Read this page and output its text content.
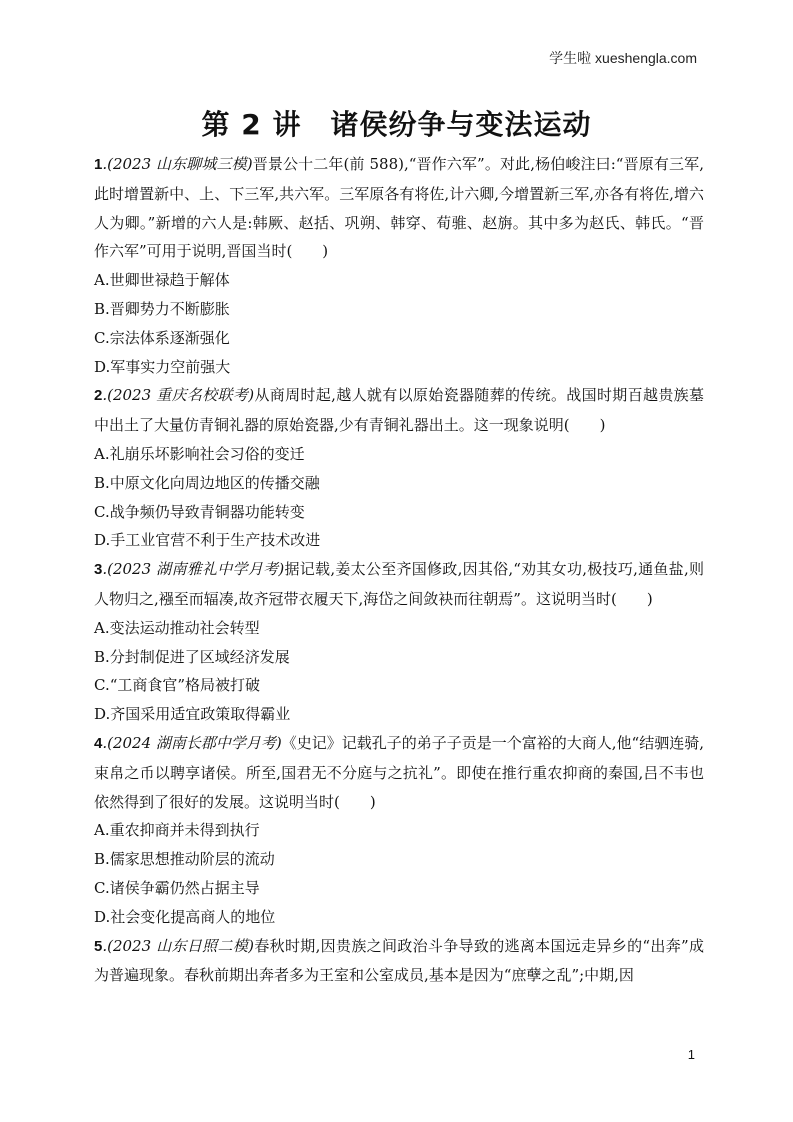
学生啦 xueshengla.com
第 2 讲　诸侯纷争与变法运动
1.(2023 山东聊城三模)晋景公十二年(前 588),“晋作六军”。对此,杨伯峻注曰:“晋原有三军,此时增置新中、上、下三军,共六军。三军原各有将佐,计六卿,今增置新三军,亦各有将佐,增六人为卿。”新增的六人是:韩厥、赵括、巩朔、韩穿、荀骓、赵旃。其中多为赵氏、韩氏。“晋作六军”可用于说明,晋国当时(　　)
A.世卿世禄趋于解体
B.晋卿势力不断膨胀
C.宗法体系逐渐强化
D.军事实力空前强大
2.(2023 重庆名校联考)从商周时起,越人就有以原始瓷器随葬的传统。战国时期百越贵族墓中出土了大量仿青铜礼器的原始瓷器,少有青铜礼器出土。这一现象说明(　　)
A.礼崩乐坏影响社会习俗的变迁
B.中原文化向周边地区的传播交融
C.战争频仍导致青铜器功能转变
D.手工业官营不利于生产技术改进
3.(2023 湖南雅礼中学月考)据记载,姜太公至齐国修政,因其俗,“劝其女功,极技巧,通鱼盐,则人物归之,襁至而辐凑,故齐冠带衣履天下,海岱之间敛袂而往朝焉”。这说明当时(　　)
A.变法运动推动社会转型
B.分封制促进了区域经济发展
C.“工商食官”格局被打破
D.齐国采用适宜政策取得霸业
4.(2024 湖南长郡中学月考)《史记》记载孔子的弟子子贡是一个富裕的大商人,他“结驷连骑,束帛之币以聘享诸侯。所至,国君无不分庭与之抗礼”。即使在推行重农抑商的秦国,吕不韦也依然得到了很好的发展。这说明当时(　　)
A.重农抑商并未得到执行
B.儒家思想推动阶层的流动
C.诸侯争霸仍然占据主导
D.社会变化提高商人的地位
5.(2023 山东日照二模)春秋时期,因贵族之间政治斗争导致的逃离本国远走异乡的“出奔”成为普遍现象。春秋前期出奔者多为王室和公室成员,基本是因为“庶孽之乱”;中期,因
1
